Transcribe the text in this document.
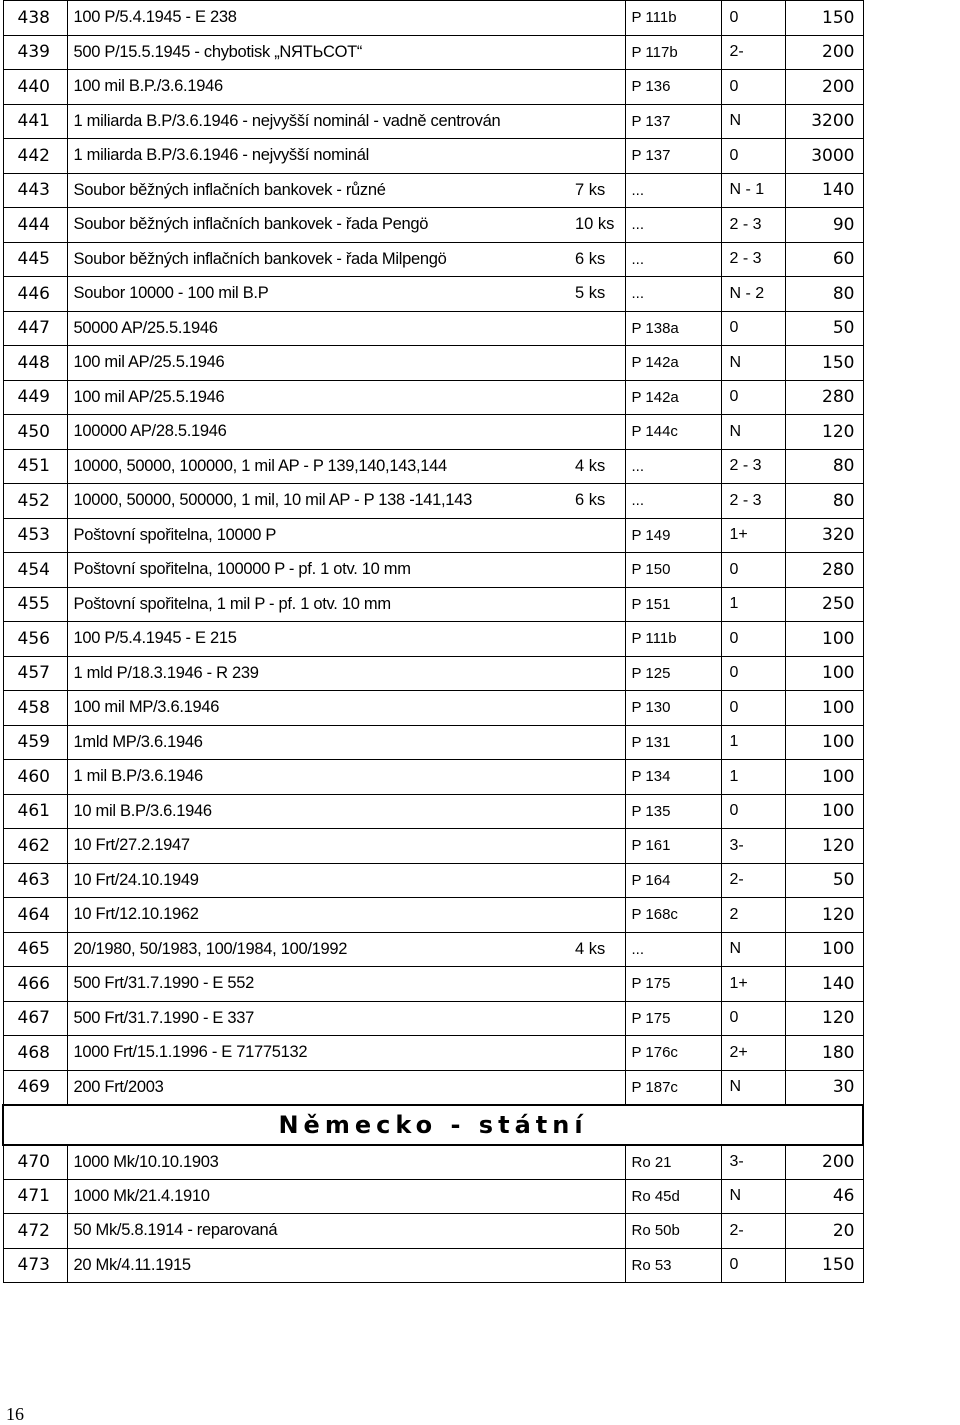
438	100 P/5.4.1945 - E 238		P 111b	0	150
439	500 P/15.5.1945 - chybotisk „NЯTЬCOT“		P 117b	2-	200
440	100 mil B.P./3.6.1946		P 136	0	200
441	1 miliarda B.P/3.6.1946 - nejvyšší nominál - vadně centrován		P 137	N	3200
442	1 miliarda B.P/3.6.1946 - nejvyšší nominál		P 137	0	3000
443	Soubor běžných inflačních bankovek - různé	7 ks	...	N - 1	140
444	Soubor běžných inflačních bankovek - řada Pengö	10 ks	...	2 - 3	90
445	Soubor běžných inflačních bankovek - řada Milpengö	6 ks	...	2 - 3	60
446	Soubor 10000 - 100 mil B.P	5 ks	...	N - 2	80
447	50000 AP/25.5.1946		P 138a	0	50
448	100 mil AP/25.5.1946		P 142a	N	150
449	100 mil AP/25.5.1946		P 142a	0	280
450	100000 AP/28.5.1946		P 144c	N	120
451	10000, 50000, 100000, 1 mil AP - P 139,140,143,144	4 ks	...	2 - 3	80
452	10000, 50000, 500000, 1 mil, 10 mil AP - P 138 -141,143	6 ks	...	2 - 3	80
453	Poštovní spořitelna, 10000 P		P 149	1+	320
454	Poštovní spořitelna, 100000 P - pf. 1 otv. 10 mm		P 150	0	280
455	Poštovní spořitelna, 1 mil P - pf. 1 otv. 10 mm		P 151	1	250
456	100 P/5.4.1945 - E 215		P 111b	0	100
457	1 mld P/18.3.1946 - R 239		P 125	0	100
458	100 mil MP/3.6.1946		P 130	0	100
459	1mld MP/3.6.1946		P 131	1	100
460	1 mil B.P/3.6.1946		P 134	1	100
461	10 mil B.P/3.6.1946		P 135	0	100
462	10 Frt/27.2.1947		P 161	3-	120
463	10 Frt/24.10.1949		P 164	2-	50
464	10 Frt/12.10.1962		P 168c	2	120
465	20/1980, 50/1983, 100/1984, 100/1992	4 ks	...	N	100
466	500 Frt/31.7.1990 - E 552		P 175	1+	140
467	500 Frt/31.7.1990 - E 337		P 175	0	120
468	1000 Frt/15.1.1996 - E 71775132		P 176c	2+	180
469	200 Frt/2003		P 187c	N	30
Německo - státní					
470	1000 Mk/10.10.1903		Ro 21	3-	200
471	1000 Mk/21.4.1910		Ro 45d	N	46
472	50 Mk/5.8.1914 - reparovaná		Ro 50b	2-	20
473	20 Mk/4.11.1915		Ro 53	0	150
16
